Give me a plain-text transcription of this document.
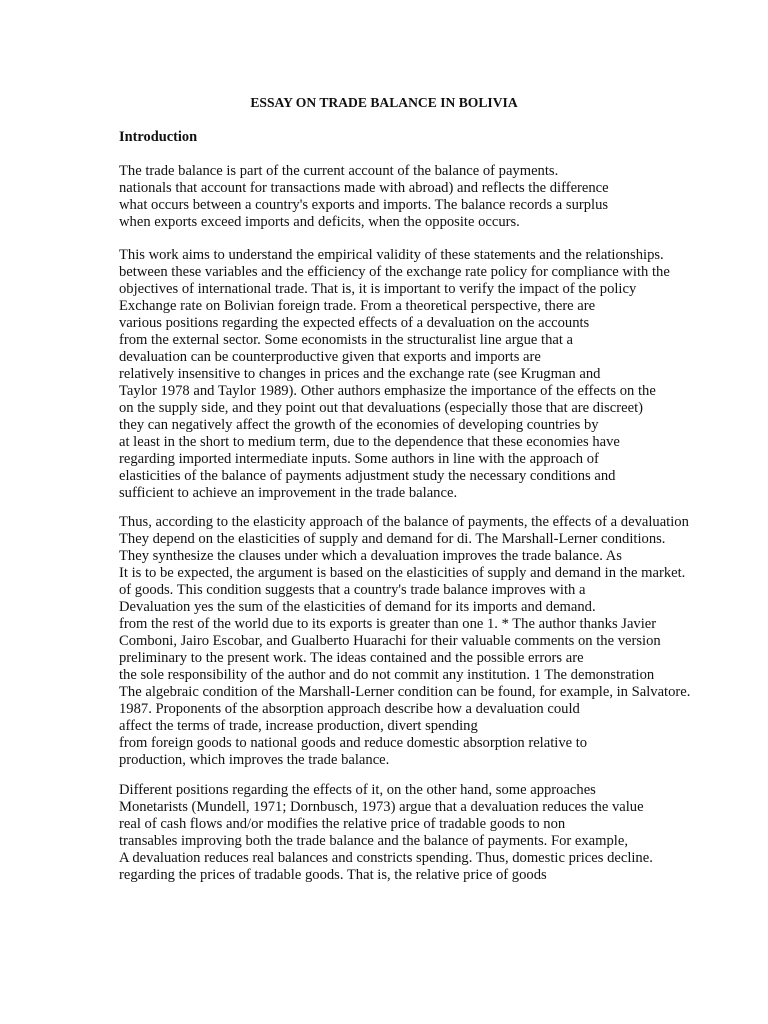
ESSAY ON TRADE BALANCE IN BOLIVIA
Introduction
The trade balance is part of the current account of the balance of payments.
nationals that account for transactions made with abroad) and reflects the difference
what occurs between a country's exports and imports. The balance records a surplus
when exports exceed imports and deficits, when the opposite occurs.
This work aims to understand the empirical validity of these statements and the relationships.
between these variables and the efficiency of the exchange rate policy for compliance with the
objectives of international trade. That is, it is important to verify the impact of the policy
Exchange rate on Bolivian foreign trade. From a theoretical perspective, there are
various positions regarding the expected effects of a devaluation on the accounts
from the external sector. Some economists in the structuralist line argue that a
devaluation can be counterproductive given that exports and imports are
relatively insensitive to changes in prices and the exchange rate (see Krugman and
Taylor 1978 and Taylor 1989). Other authors emphasize the importance of the effects on the
on the supply side, and they point out that devaluations (especially those that are discreet)
they can negatively affect the growth of the economies of developing countries by
at least in the short to medium term, due to the dependence that these economies have
regarding imported intermediate inputs. Some authors in line with the approach of
elasticities of the balance of payments adjustment study the necessary conditions and
sufficient to achieve an improvement in the trade balance.
Thus, according to the elasticity approach of the balance of payments, the effects of a devaluation
They depend on the elasticities of supply and demand for di. The Marshall-Lerner conditions.
They synthesize the clauses under which a devaluation improves the trade balance. As
It is to be expected, the argument is based on the elasticities of supply and demand in the market.
of goods. This condition suggests that a country's trade balance improves with a
Devaluation yes the sum of the elasticities of demand for its imports and demand.
from the rest of the world due to its exports is greater than one 1. * The author thanks Javier
Comboni, Jairo Escobar, and Gualberto Huarachi for their valuable comments on the version
preliminary to the present work. The ideas contained and the possible errors are
the sole responsibility of the author and do not commit any institution. 1 The demonstration
The algebraic condition of the Marshall-Lerner condition can be found, for example, in Salvatore.
1987. Proponents of the absorption approach describe how a devaluation could
affect the terms of trade, increase production, divert spending
from foreign goods to national goods and reduce domestic absorption relative to
production, which improves the trade balance.
Different positions regarding the effects of it, on the other hand, some approaches
Monetarists (Mundell, 1971; Dornbusch, 1973) argue that a devaluation reduces the value
real of cash flows and/or modifies the relative price of tradable goods to non
transables improving both the trade balance and the balance of payments. For example,
A devaluation reduces real balances and constricts spending. Thus, domestic prices decline.
regarding the prices of tradable goods. That is, the relative price of goods
